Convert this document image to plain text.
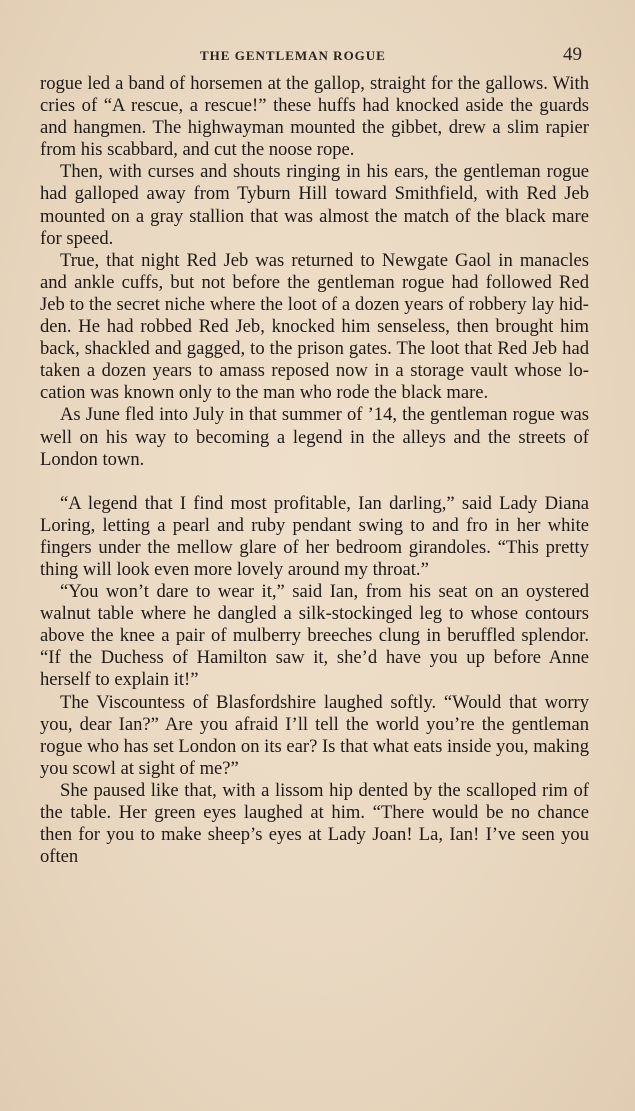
THE GENTLEMAN ROGUE	49

rogue led a band of horsemen at the gallop, straight for the gallows. With cries of “A rescue, a rescue!” these huffs had knocked aside the guards and hangmen. The highwayman mounted the gibbet, drew a slim rapier from his scabbard, and cut the noose rope.

Then, with curses and shouts ringing in his ears, the gentleman rogue had galloped away from Tyburn Hill toward Smithfield, with Red Jeb mounted on a gray stallion that was almost the match of the black mare for speed.

True, that night Red Jeb was returned to Newgate Gaol in manacles and ankle cuffs, but not before the gentleman rogue had followed Red Jeb to the secret niche where the loot of a dozen years of robbery lay hidden. He had robbed Red Jeb, knocked him senseless, then brought him back, shackled and gagged, to the prison gates. The loot that Red Jeb had taken a dozen years to amass reposed now in a storage vault whose location was known only to the man who rode the black mare.

As June fled into July in that summer of ’14, the gentleman rogue was well on his way to becoming a legend in the alleys and the streets of London town.

“A legend that I find most profitable, Ian darling,” said Lady Diana Loring, letting a pearl and ruby pendant swing to and fro in her white fingers under the mellow glare of her bedroom girandoles. “This pretty thing will look even more lovely around my throat.”

“You won’t dare to wear it,” said Ian, from his seat on an oystered walnut table where he dangled a silk-stockinged leg to whose contours above the knee a pair of mulberry breeches clung in beruffled splendor. “If the Duchess of Hamilton saw it, she’d have you up before Anne herself to explain it!”

The Viscountess of Blasfordshire laughed softly. “Would that worry you, dear Ian?” Are you afraid I’ll tell the world you’re the gentleman rogue who has set London on its ear? Is that what eats inside you, making you scowl at sight of me?”

She paused like that, with a lissom hip dented by the scalloped rim of the table. Her green eyes laughed at him. “There would be no chance then for you to make sheep’s eyes at Lady Joan! La, Ian! I’ve seen you often
